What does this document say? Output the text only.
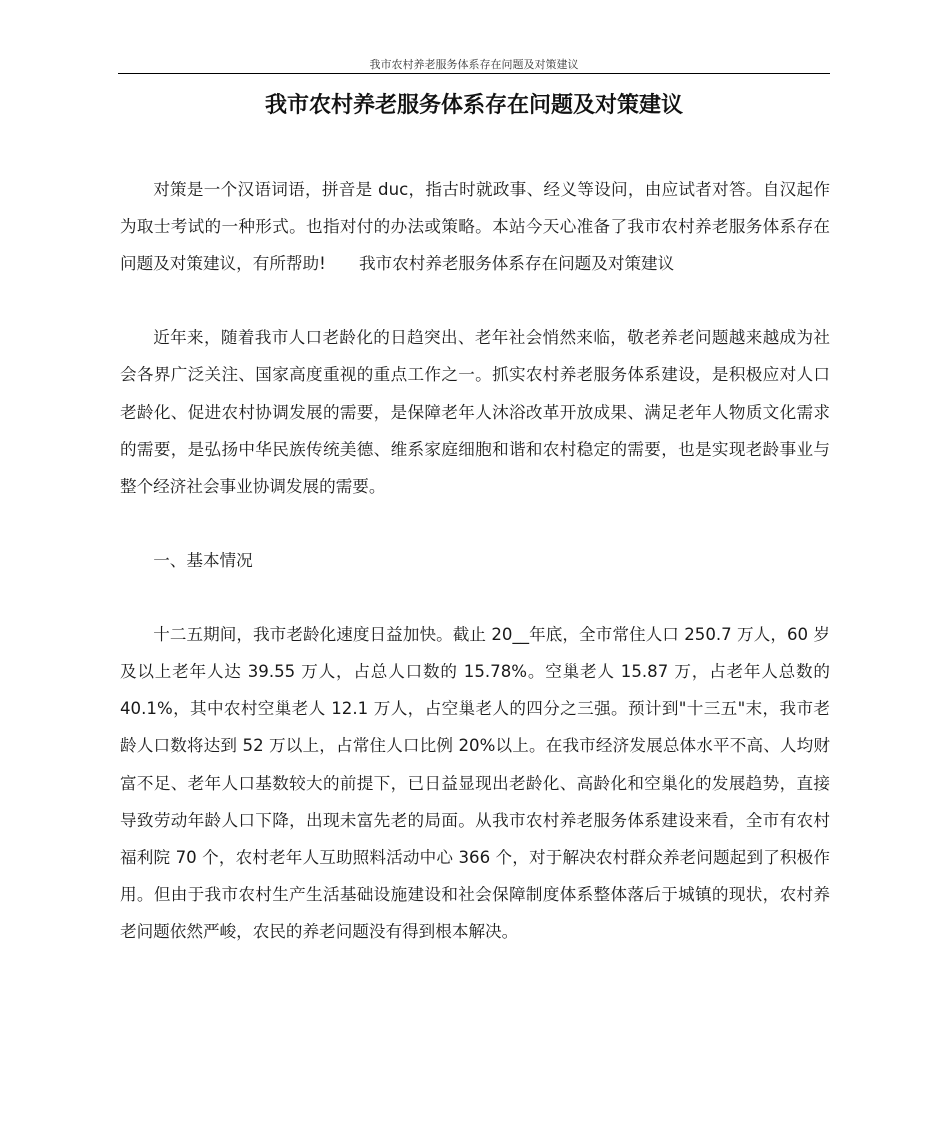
我市农村养老服务体系存在问题及对策建议
我市农村养老服务体系存在问题及对策建议

对策是一个汉语词语，拼音是 duc，指古时就政事、经义等设问，由应试者对答。自汉起作为取士考试的一种形式。也指对付的办法或策略。本站今天心准备了我市农村养老服务体系存在问题及对策建议，有所帮助!　　我市农村养老服务体系存在问题及对策建议

近年来，随着我市人口老龄化的日趋突出、老年社会悄然来临，敬老养老问题越来越成为社会各界广泛关注、国家高度重视的重点工作之一。抓实农村养老服务体系建设，是积极应对人口老龄化、促进农村协调发展的需要，是保障老年人沐浴改革开放成果、满足老年人物质文化需求的需要，是弘扬中华民族传统美德、维系家庭细胞和谐和农村稳定的需要，也是实现老龄事业与整个经济社会事业协调发展的需要。

一、基本情况

十二五期间，我市老龄化速度日益加快。截止 20__年底，全市常住人口 250.7 万人，60 岁及以上老年人达 39.55 万人，占总人口数的 15.78%。空巢老人 15.87 万，占老年人总数的 40.1%，其中农村空巢老人 12.1 万人，占空巢老人的四分之三强。预计到"十三五"末，我市老龄人口数将达到 52 万以上，占常住人口比例 20%以上。在我市经济发展总体水平不高、人均财富不足、老年人口基数较大的前提下，已日益显现出老龄化、高龄化和空巢化的发展趋势，直接导致劳动年龄人口下降，出现未富先老的局面。从我市农村养老服务体系建设来看，全市有农村福利院 70 个，农村老年人互助照料活动中心 366 个，对于解决农村群众养老问题起到了积极作用。但由于我市农村生产生活基础设施建设和社会保障制度体系整体落后于城镇的现状，农村养老问题依然严峻，农民的养老问题没有得到根本解决。
